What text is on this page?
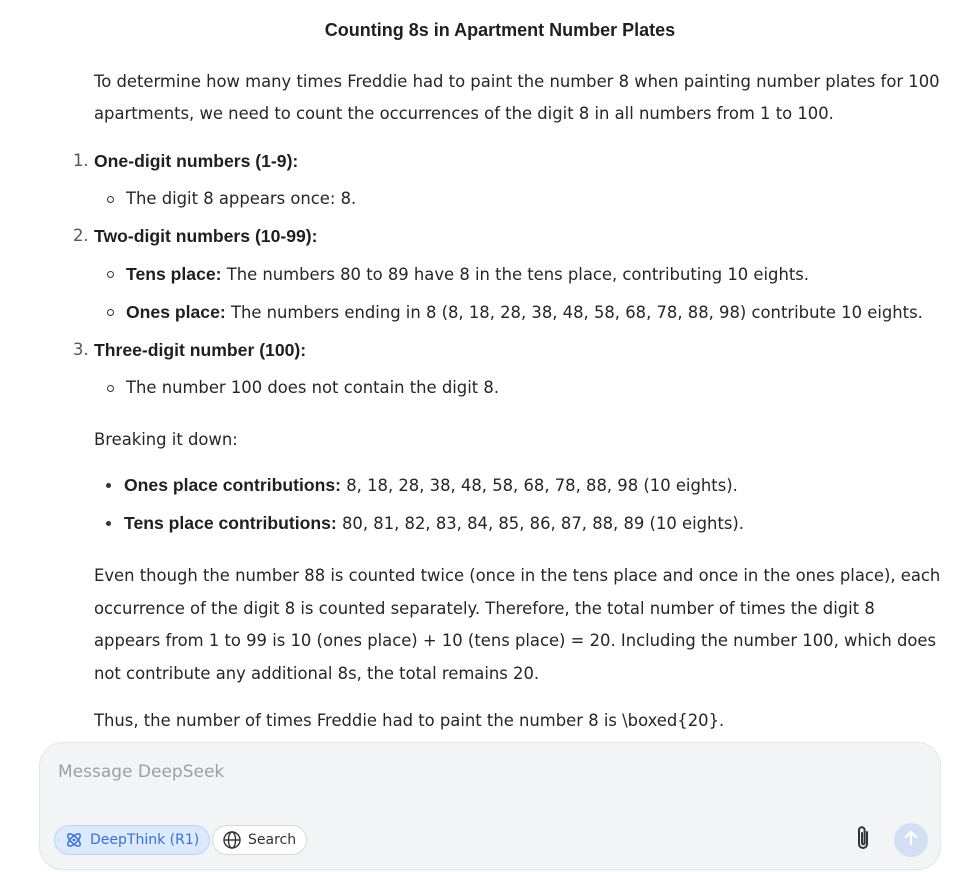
Counting 8s in Apartment Number Plates

To determine how many times Freddie had to paint the number 8 when painting number plates for 100 apartments, we need to count the occurrences of the digit 8 in all numbers from 1 to 100.

1. One-digit numbers (1-9):
The digit 8 appears once: 8.
2. Two-digit numbers (10-99):
Tens place: The numbers 80 to 89 have 8 in the tens place, contributing 10 eights.
Ones place: The numbers ending in 8 (8, 18, 28, 38, 48, 58, 68, 78, 88, 98) contribute 10 eights.
3. Three-digit number (100):
The number 100 does not contain the digit 8.

Breaking it down:

Ones place contributions: 8, 18, 28, 38, 48, 58, 68, 78, 88, 98 (10 eights).
Tens place contributions: 80, 81, 82, 83, 84, 85, 86, 87, 88, 89 (10 eights).

Even though the number 88 is counted twice (once in the tens place and once in the ones place), each occurrence of the digit 8 is counted separately. Therefore, the total number of times the digit 8 appears from 1 to 99 is 10 (ones place) + 10 (tens place) = 20. Including the number 100, which does not contribute any additional 8s, the total remains 20.

Thus, the number of times Freddie had to paint the number 8 is \boxed{20}.

Message DeepSeek
DeepThink (R1)	Search
